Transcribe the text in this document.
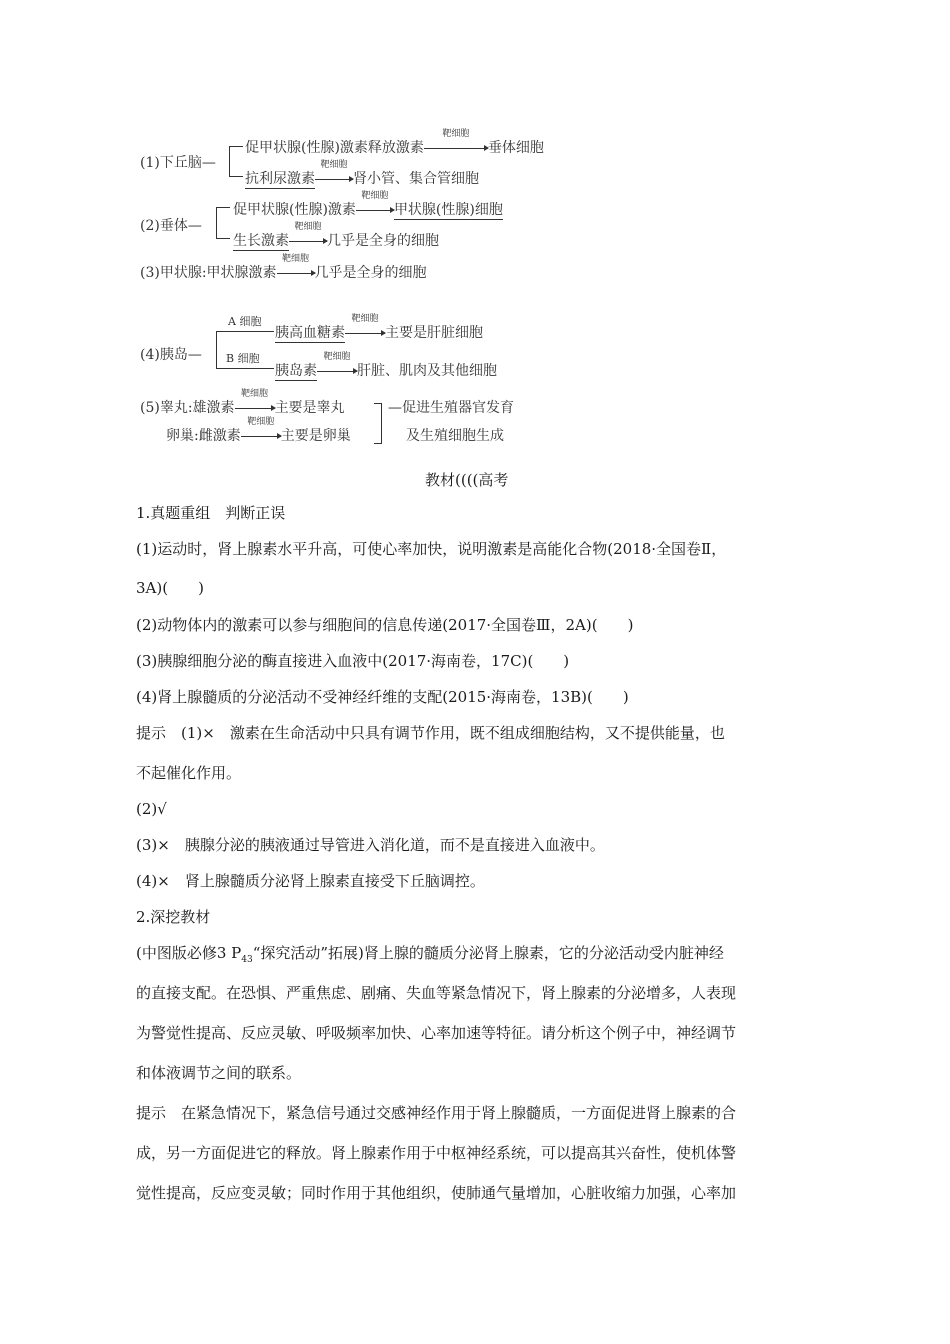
(1)下丘脑—
促甲状腺(性腺)激素释放激素
靶细胞
垂体细胞
抗利尿激素
靶细胞
肾小管、集合管细胞
(2)垂体—
促甲状腺(性腺)激素
靶细胞
甲状腺(性腺)细胞
生长激素
靶细胞
几乎是全身的细胞
(3)甲状腺:甲状腺激素
靶细胞
几乎是全身的细胞
(4)胰岛—
A 细胞
B 细胞
胰高血糖素
靶细胞
主要是肝脏细胞
胰岛素
靶细胞
肝脏、肌肉及其他细胞
(5)睾丸:雄激素
靶细胞
主要是睾丸
卵巢:雌激素
靶细胞
主要是卵巢
—促进生殖器官发育
及生殖细胞生成
教材((((高考
1.真题重组　判断正误
(1)运动时，肾上腺素水平升高，可使心率加快，说明激素是高能化合物(2018·全国卷Ⅱ，
3A)(　　)
(2)动物体内的激素可以参与细胞间的信息传递(2017·全国卷Ⅲ，2A)(　　)
(3)胰腺细胞分泌的酶直接进入血液中(2017·海南卷，17C)(　　)
(4)肾上腺髓质的分泌活动不受神经纤维的支配(2015·海南卷，13B)(　　)
提示　(1)×　激素在生命活动中只具有调节作用，既不组成细胞结构，又不提供能量，也
不起催化作用。
(2)√
(3)×　胰腺分泌的胰液通过导管进入消化道，而不是直接进入血液中。
(4)×　肾上腺髓质分泌肾上腺素直接受下丘脑调控。
2.深挖教材
(中图版必修3 $P_{43}“$探究活动”拓展)肾上腺的髓质分泌肾上腺素，它的分泌活动受内脏神经
的直接支配。在恐惧、严重焦虑、剧痛、失血等紧急情况下，肾上腺素的分泌增多，人表现
为警觉性提高、反应灵敏、呼吸频率加快、心率加速等特征。请分析这个例子中，神经调节
和体液调节之间的联系。
提示　在紧急情况下，紧急信号通过交感神经作用于肾上腺髓质，一方面促进肾上腺素的合
成，另一方面促进它的释放。肾上腺素作用于中枢神经系统，可以提高其兴奋性，使机体警
觉性提高，反应变灵敏；同时作用于其他组织，使肺通气量增加，心脏收缩力加强，心率加
